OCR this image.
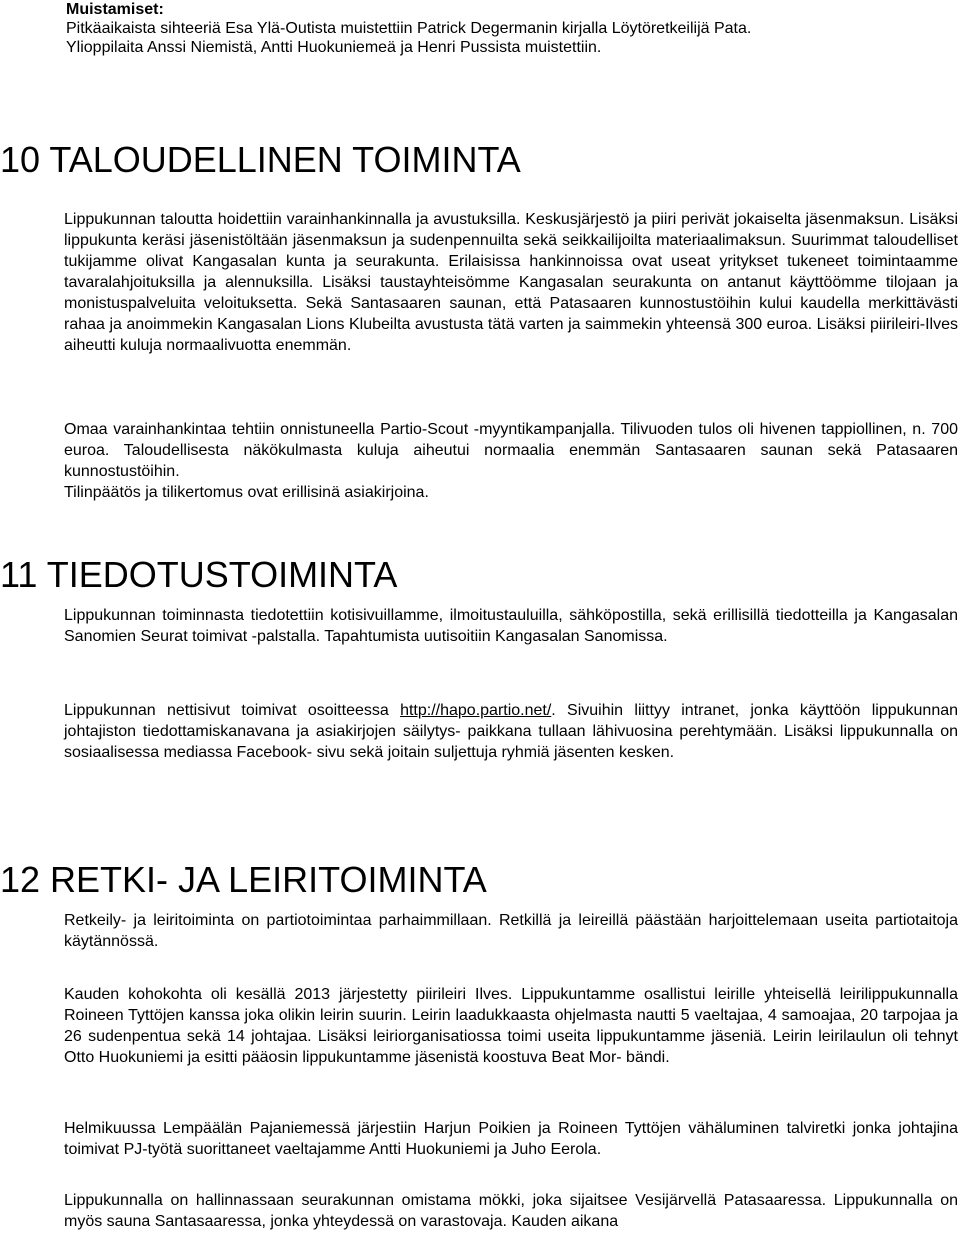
Muistamiset:
Pitkäaikaista sihteeriä Esa Ylä-Outista muistettiin Patrick Degermanin kirjalla Löytöretkeilijä Pata.
Ylioppilaita Anssi Niemistä, Antti Huokuniemeä ja Henri Pussista muistettiin.
10 TALOUDELLINEN TOIMINTA

Lippukunnan taloutta hoidettiin varainhankinnalla ja avustuksilla. Keskusjärjestö ja piiri perivät jokaiselta jäsenmaksun. Lisäksi lippukunta keräsi jäsenistöltään jäsenmaksun ja sudenpennuilta sekä seikkailijoilta materiaalimaksun. Suurimmat taloudelliset tukijamme olivat Kangasalan kunta ja seurakunta. Erilaisissa hankinnoissa ovat useat yritykset tukeneet toimintaamme tavaralahjoituksilla ja alennuksilla. Lisäksi taustayhteisömme Kangasalan seurakunta on antanut käyttöömme tilojaan ja monistuspalveluita veloituksetta. Sekä Santasaaren saunan, että Patasaaren kunnostustöihin kului kaudella merkittävästi rahaa ja anoimmekin Kangasalan Lions Klubeilta avustusta tätä varten ja saimmekin yhteensä 300 euroa. Lisäksi piirileiri-Ilves aiheutti kuluja normaalivuotta enemmän.

Omaa varainhankintaa tehtiin onnistuneella Partio-Scout -myyntikampanjalla. Tilivuoden tulos oli hivenen tappiollinen, n. 700 euroa. Taloudellisesta näkökulmasta kuluja aiheutui normaalia enemmän Santasaaren saunan sekä Patasaaren kunnostustöihin.

Tilinpäätös ja tilikertomus ovat erillisinä asiakirjoina.

11 TIEDOTUSTOIMINTA

Lippukunnan toiminnasta tiedotettiin kotisivuillamme, ilmoitustauluilla, sähköpostilla, sekä erillisillä tiedotteilla ja Kangasalan Sanomien Seurat toimivat -palstalla. Tapahtumista uutisoitiin Kangasalan Sanomissa.

Lippukunnan nettisivut toimivat osoitteessa http://hapo.partio.net/. Sivuihin liittyy intranet, jonka käyttöön lippukunnan johtajiston tiedottamiskanavana ja asiakirjojen säilytys- paikkana tullaan lähivuosina perehtymään. Lisäksi lippukunnalla on sosiaalisessa mediassa Facebook- sivu sekä joitain suljettuja ryhmiä jäsenten kesken.

12 RETKI- JA LEIRITOIMINTA

Retkeily- ja leiritoiminta on partiotoimintaa parhaimmillaan. Retkillä ja leireillä päästään harjoittelemaan useita partiotaitoja käytännössä.

Kauden kohokohta oli kesällä 2013 järjestetty piirileiri Ilves. Lippukuntamme osallistui leirille yhteisellä leirilippukunnalla Roineen Tyttöjen kanssa joka olikin leirin suurin. Leirin laadukkaasta ohjelmasta nautti 5 vaeltajaa, 4 samoajaa, 20 tarpojaa ja 26 sudenpentua sekä 14 johtajaa. Lisäksi leiriorganisatiossa toimi useita lippukuntamme jäseniä. Leirin leirilaulun oli tehnyt Otto Huokuniemi ja esitti pääosin lippukuntamme jäsenistä koostuva Beat Mor- bändi.

Helmikuussa Lempäälän Pajaniemessä järjestiin Harjun Poikien ja Roineen Tyttöjen vähäluminen talviretki jonka johtajina toimivat PJ-työtä suorittaneet vaeltajamme Antti Huokuniemi ja Juho Eerola.

Lippukunnalla on hallinnassaan seurakunnan omistama mökki, joka sijaitsee Vesijärvellä Patasaaressa. Lippukunnalla on myös sauna Santasaaressa, jonka yhteydessä on varastovaja. Kauden aikana
